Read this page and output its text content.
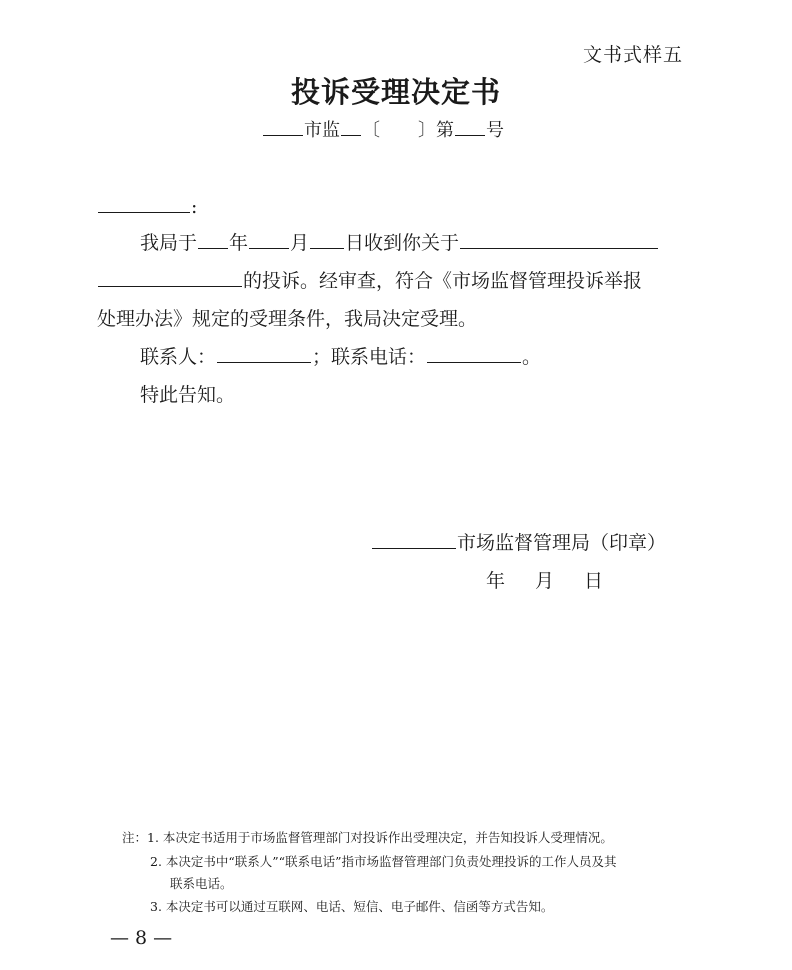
文书式样五
投诉受理决定书
市监 〔 〕第 号
:
我局于 年 月 日收到你关于
的投诉。经审查，符合《市场监督管理投诉举报
处理办法》规定的受理条件，我局决定受理。
联系人：	；联系电话：	。
特此告知。
市场监督管理局（印章）
年 月 日
注：1. 本决定书适用于市场监督管理部门对投诉作出受理决定，并告知投诉人受理情况。
2. 本决定书中“联系人”“联系电话”指市场监督管理部门负责处理投诉的工作人员及其
联系电话。
3. 本决定书可以通过互联网、电话、短信、电子邮件、信函等方式告知。
— 8 —
